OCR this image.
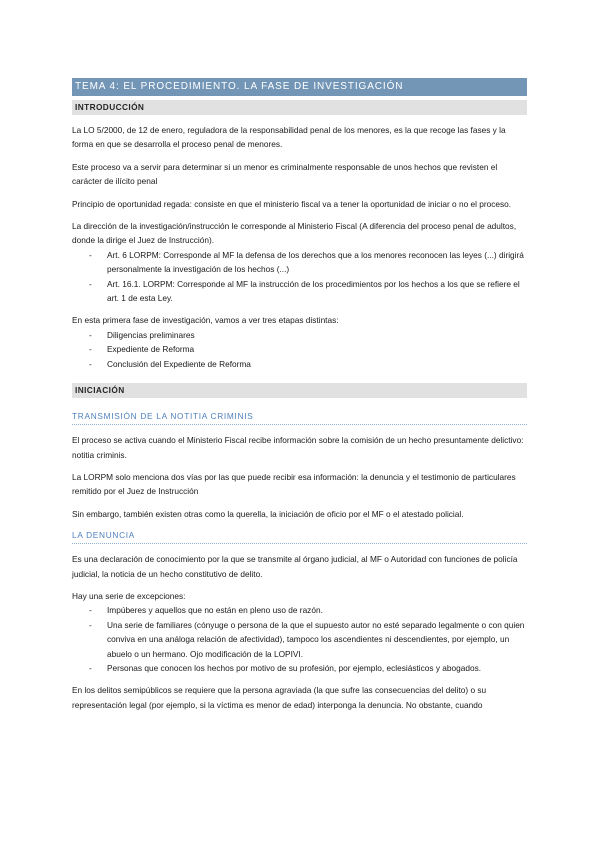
TEMA 4: EL PROCEDIMIENTO. LA FASE DE INVESTIGACIÓN
INTRODUCCIÓN

La LO 5/2000, de 12 de enero, reguladora de la responsabilidad penal de los menores, es la que recoge las fases y la forma en que se desarrolla el proceso penal de menores.

Este proceso va a servir para determinar si un menor es criminalmente responsable de unos hechos que revisten el carácter de ilícito penal

Principio de oportunidad regada: consiste en que el ministerio fiscal va a tener la oportunidad de iniciar o no el proceso.

La dirección de la investigación/instrucción le corresponde al Ministerio Fiscal (A diferencia del proceso penal de adultos, donde la dirige el Juez de Instrucción).

- Art. 6 LORPM: Corresponde al MF la defensa de los derechos que a los menores reconocen las leyes (...) dirigirá personalmente la investigación de los hechos (...)
- Art. 16.1. LORPM: Corresponde al MF la instrucción de los procedimientos por los hechos a los que se refiere el art. 1 de esta Ley.

En esta primera fase de investigación, vamos a ver tres etapas distintas:

- Diligencias preliminares
- Expediente de Reforma
- Conclusión del Expediente de Reforma
INICIACIÓN
TRANSMISIÓN DE LA NOTITIA CRIMINIS

El proceso se activa cuando el Ministerio Fiscal recibe información sobre la comisión de un hecho presuntamente delictivo: notitia criminis.

La LORPM solo menciona dos vías por las que puede recibir esa información: la denuncia y el testimonio de particulares remitido por el Juez de Instrucción

Sin embargo, también existen otras como la querella, la iniciación de oficio por el MF o el atestado policial.

LA DENUNCIA

Es una declaración de conocimiento por la que se transmite al órgano judicial, al MF o Autoridad con funciones de policía judicial, la noticia de un hecho constitutivo de delito.

Hay una serie de excepciones:

- Impúberes y aquellos que no están en pleno uso de razón.
- Una serie de familiares (cónyuge o persona de la que el supuesto autor no esté separado legalmente o con quien conviva en una análoga relación de afectividad), tampoco los ascendientes ni descendientes, por ejemplo, un abuelo o un hermano. Ojo modificación de la LOPIVI.
- Personas que conocen los hechos por motivo de su profesión, por ejemplo, eclesiásticos y abogados.

En los delitos semipúblicos se requiere que la persona agraviada (la que sufre las consecuencias del delito) o su representación legal (por ejemplo, si la víctima es menor de edad) interponga la denuncia. No obstante, cuando
